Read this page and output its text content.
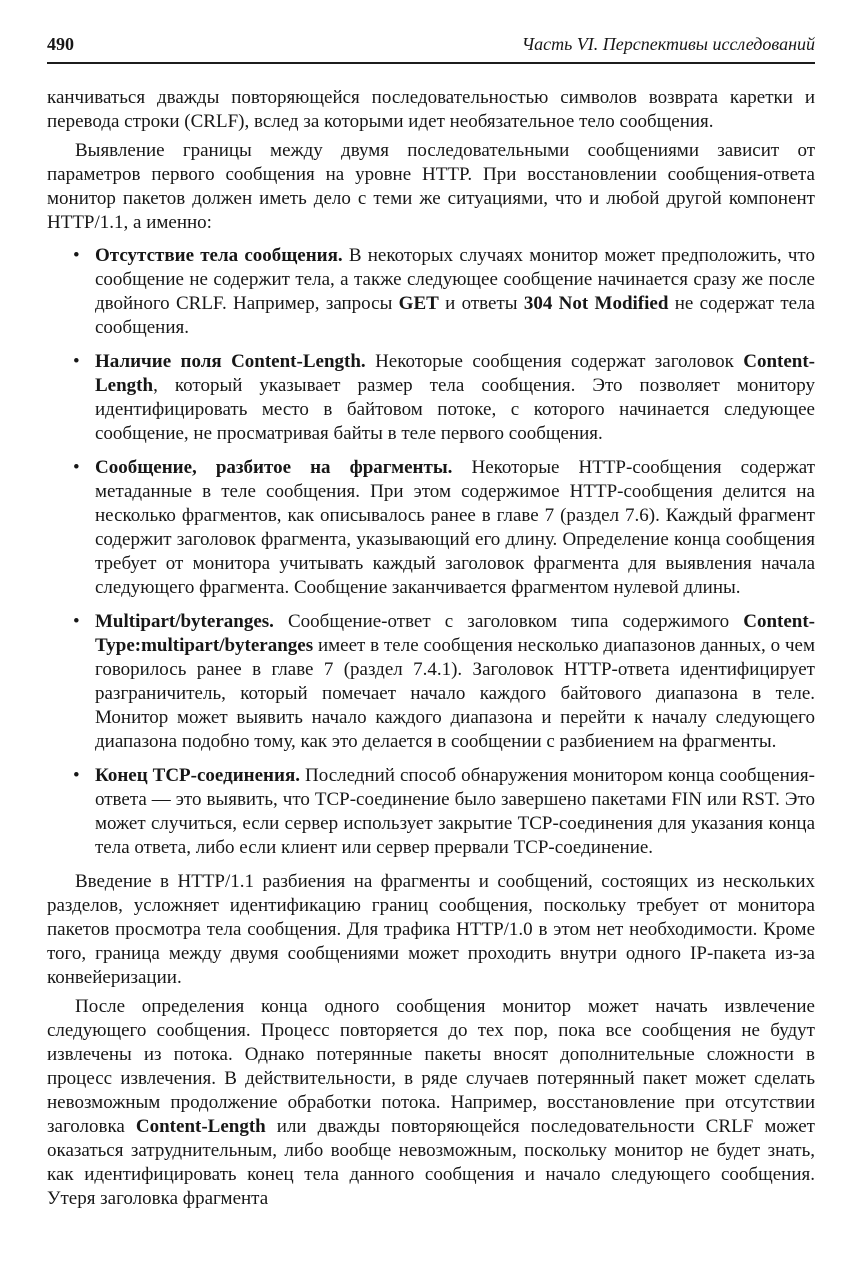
490	Часть VI. Перспективы исследований

канчиваться дважды повторяющейся последовательностью символов возврата каретки и перевода строки (CRLF), вслед за которыми идет необязательное тело сообщения.

Выявление границы между двумя последовательными сообщениями зависит от параметров первого сообщения на уровне HTTP. При восстановлении сообщения-ответа монитор пакетов должен иметь дело с теми же ситуациями, что и любой другой компонент HTTP/1.1, а именно:

• Отсутствие тела сообщения. В некоторых случаях монитор может предположить, что сообщение не содержит тела, а также следующее сообщение начинается сразу же после двойного CRLF. Например, запросы GET и ответы 304 Not Modified не содержат тела сообщения.
• Наличие поля Content-Length. Некоторые сообщения содержат заголовок Content-Length, который указывает размер тела сообщения. Это позволяет монитору идентифицировать место в байтовом потоке, с которого начинается следующее сообщение, не просматривая байты в теле первого сообщения.
• Сообщение, разбитое на фрагменты. Некоторые HTTP-сообщения содержат метаданные в теле сообщения. При этом содержимое HTTP-сообщения делится на несколько фрагментов, как описывалось ранее в главе 7 (раздел 7.6). Каждый фрагмент содержит заголовок фрагмента, указывающий его длину. Определение конца сообщения требует от монитора учитывать каждый заголовок фрагмента для выявления начала следующего фрагмента. Сообщение заканчивается фрагментом нулевой длины.
• Multipart/byteranges. Сообщение-ответ с заголовком типа содержимого Content-Type:multipart/byteranges имеет в теле сообщения несколько диапазонов данных, о чем говорилось ранее в главе 7 (раздел 7.4.1). Заголовок HTTP-ответа идентифицирует разграничитель, который помечает начало каждого байтового диапазона в теле. Монитор может выявить начало каждого диапазона и перейти к началу следующего диапазона подобно тому, как это делается в сообщении с разбиением на фрагменты.
• Конец TCP-соединения. Последний способ обнаружения монитором конца сообщения-ответа — это выявить, что TCP-соединение было завершено пакетами FIN или RST. Это может случиться, если сервер использует закрытие TCP-соединения для указания конца тела ответа, либо если клиент или сервер прервали TCP-соединение.

Введение в HTTP/1.1 разбиения на фрагменты и сообщений, состоящих из нескольких разделов, усложняет идентификацию границ сообщения, поскольку требует от монитора пакетов просмотра тела сообщения. Для трафика HTTP/1.0 в этом нет необходимости. Кроме того, граница между двумя сообщениями может проходить внутри одного IP-пакета из-за конвейеризации.

После определения конца одного сообщения монитор может начать извлечение следующего сообщения. Процесс повторяется до тех пор, пока все сообщения не будут извлечены из потока. Однако потерянные пакеты вносят дополнительные сложности в процесс извлечения. В действительности, в ряде случаев потерянный пакет может сделать невозможным продолжение обработки потока. Например, восстановление при отсутствии заголовка Content-Length или дважды повторяющейся последовательности CRLF может оказаться затруднительным, либо вообще невозможным, поскольку монитор не будет знать, как идентифицировать конец тела данного сообщения и начало следующего сообщения. Утеря заголовка фрагмента
